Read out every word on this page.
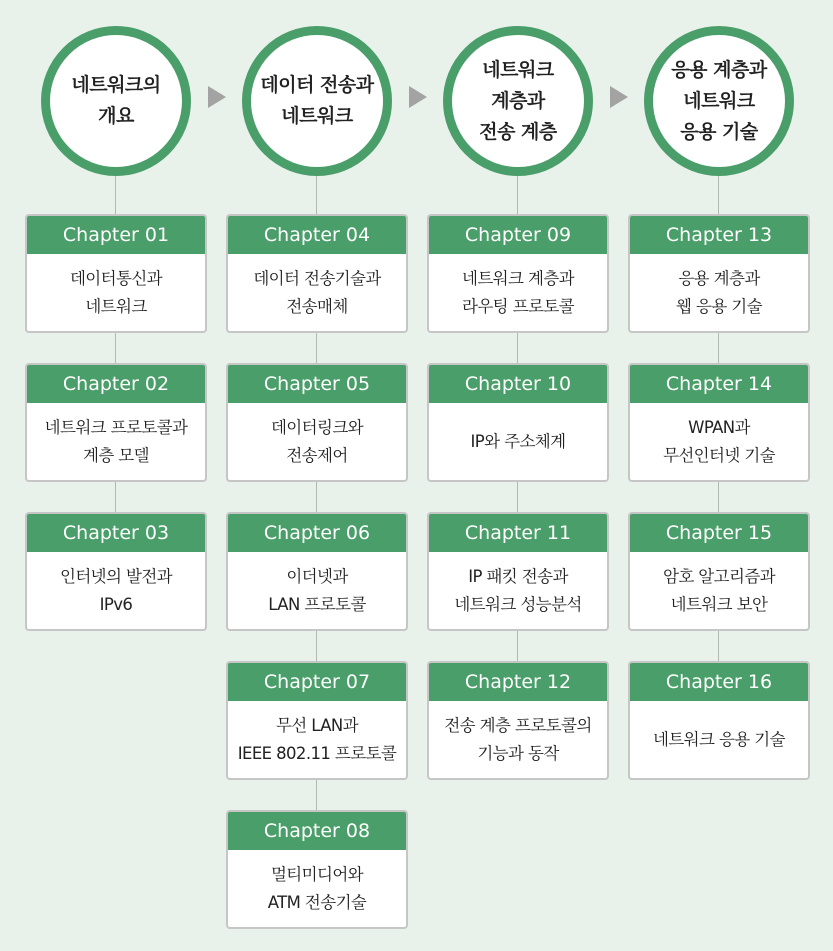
네트워크의
개요
Chapter 01
데이터통신과
네트워크
Chapter 02
네트워크 프로토콜과
계층 모델
Chapter 03
인터넷의 발전과
IPv6
데이터 전송과
네트워크
Chapter 04
데이터 전송기술과
전송매체
Chapter 05
데이터링크와
전송제어
Chapter 06
이더넷과
LAN 프로토콜
Chapter 07
무선 LAN과
IEEE 802.11 프로토콜
Chapter 08
멀티미디어와
ATM 전송기술
네트워크
계층과
전송 계층
Chapter 09
네트워크 계층과
라우팅 프로토콜
Chapter 10
IP와 주소체계
Chapter 11
IP 패킷 전송과
네트워크 성능분석
Chapter 12
전송 계층 프로토콜의
기능과 동작
응용 계층과
네트워크
응용 기술
Chapter 13
응용 계층과
웹 응용 기술
Chapter 14
WPAN과
무선인터넷 기술
Chapter 15
암호 알고리즘과
네트워크 보안
Chapter 16
네트워크 응용 기술
